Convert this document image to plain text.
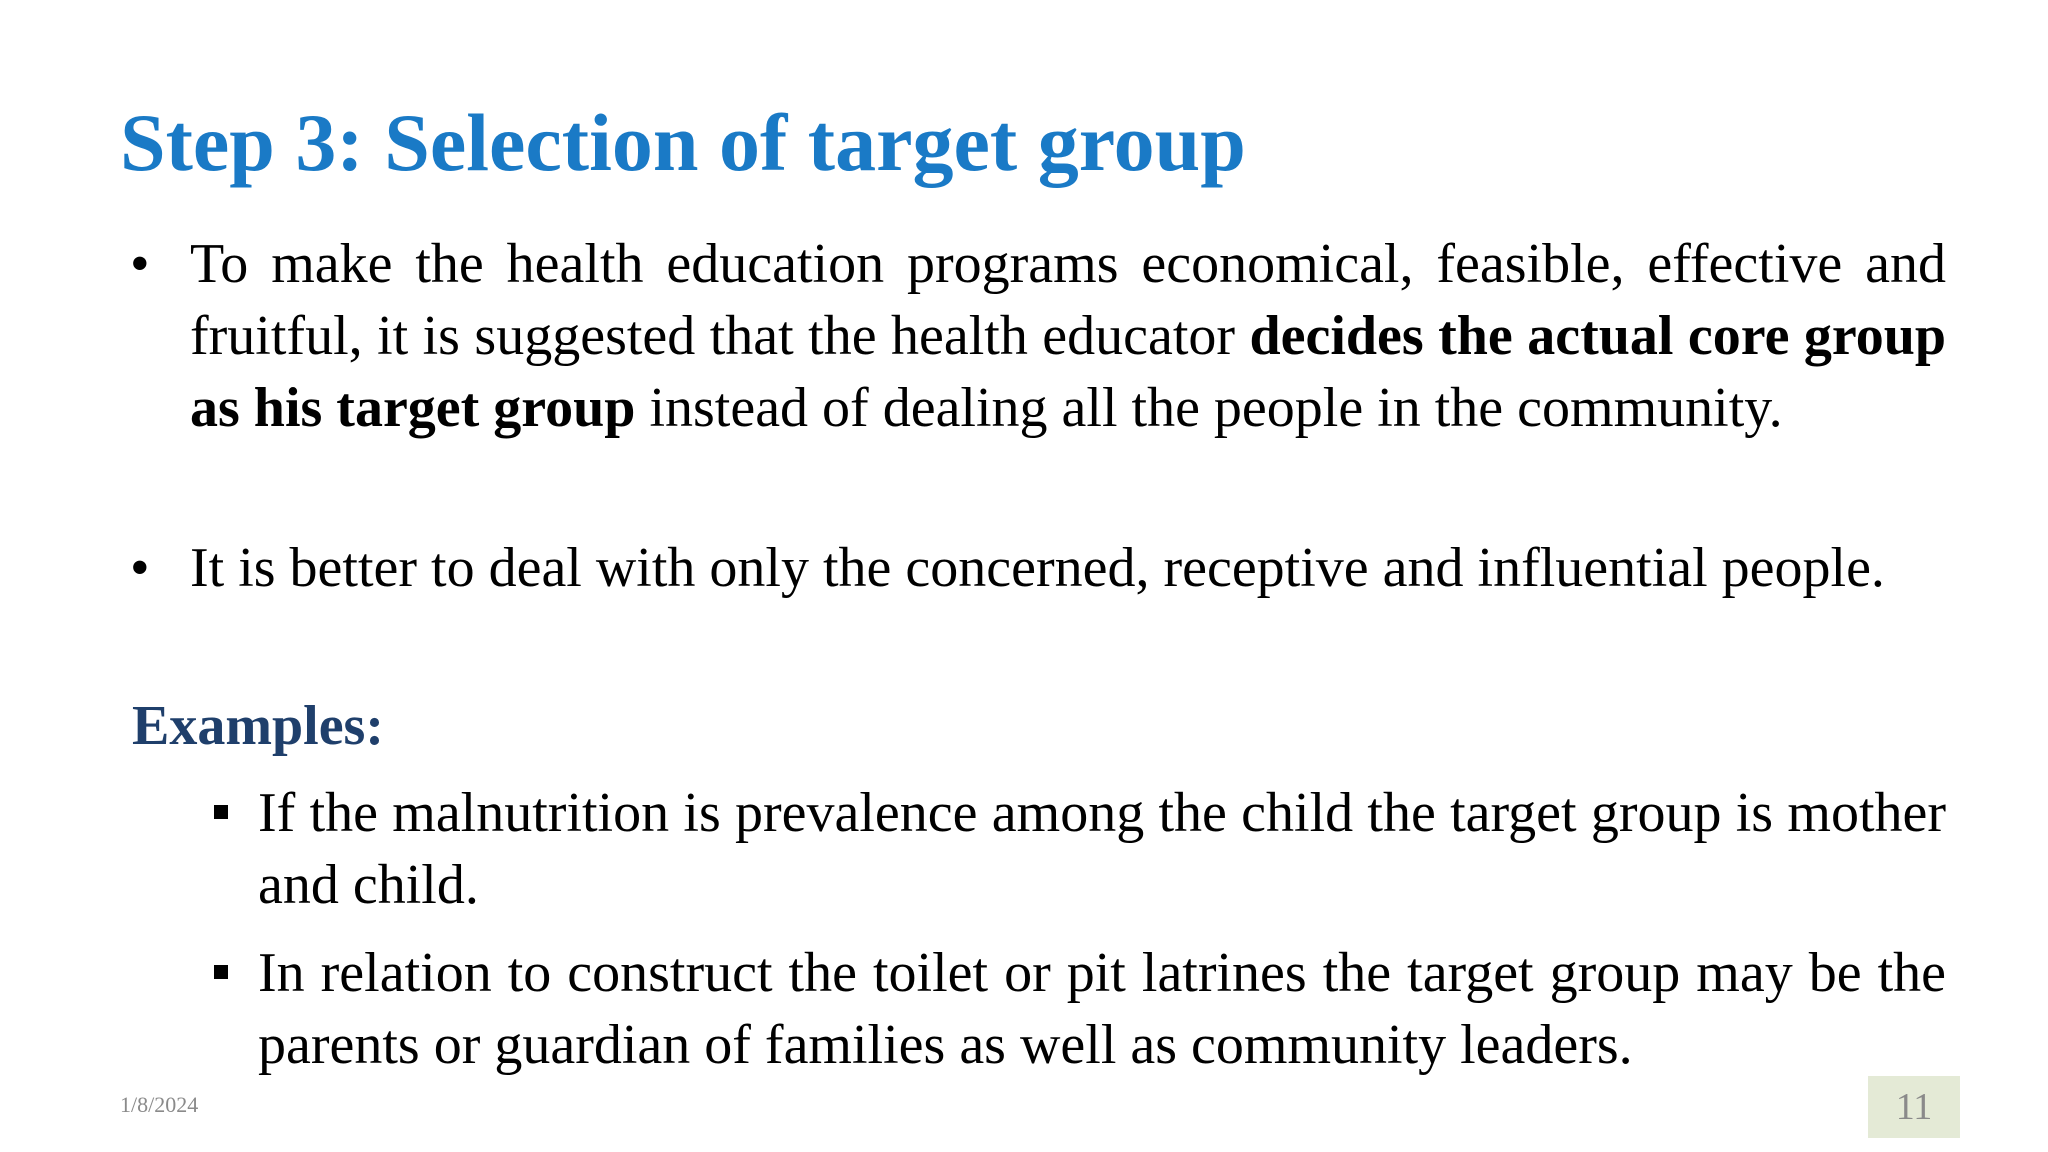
Step 3: Selection of target group
• To make the health education programs economical, feasible, effective and fruitful, it is suggested that the health educator decides the actual core group as his target group instead of dealing all the people in the community.
• It is better to deal with only the concerned, receptive and influential people.
Examples:
If the malnutrition is prevalence among the child the target group is mother and child.
In relation to construct the toilet or pit latrines the target group may be the parents or guardian of families as well as community leaders.
1/8/2024	11
